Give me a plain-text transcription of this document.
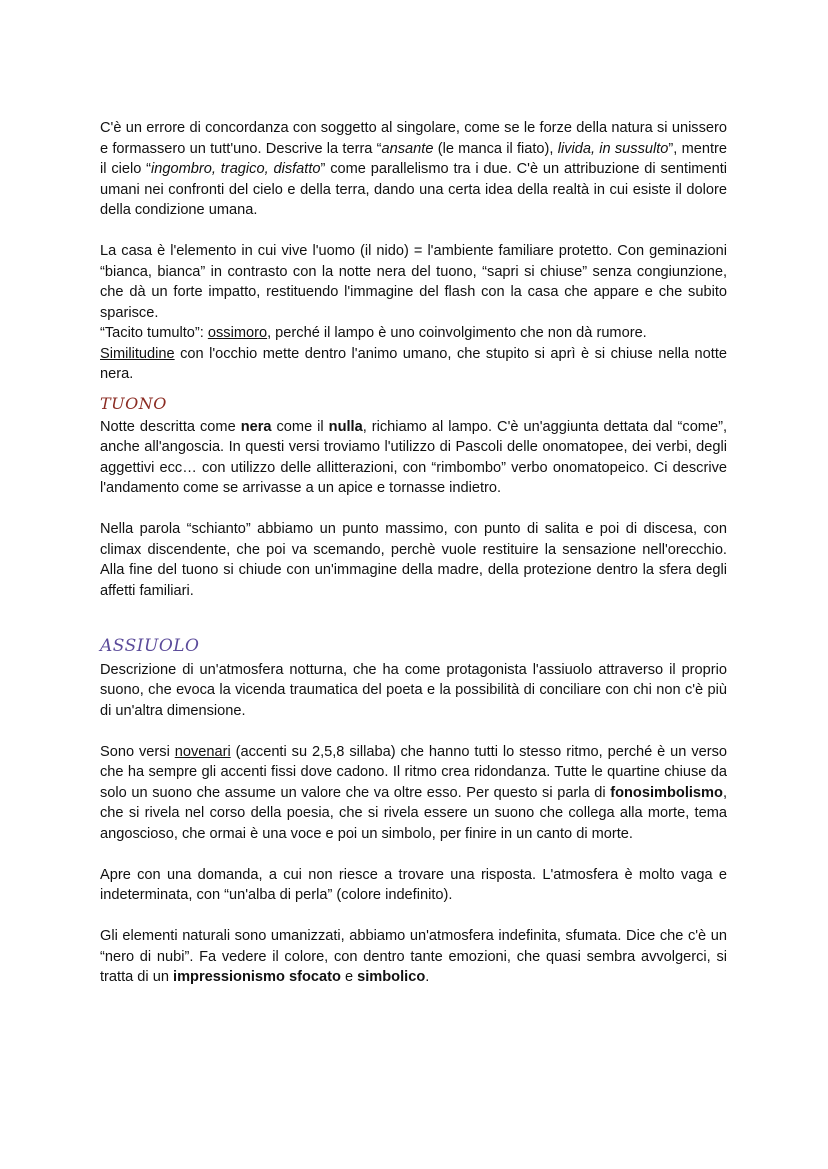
C'è un errore di concordanza con soggetto al singolare, come se le forze della natura si unissero e formassero un tutt'uno. Descrive la terra “ansante (le manca il fiato), livida, in sussulto”, mentre il cielo “ingombro, tragico, disfatto” come parallelismo tra i due. C'è un attribuzione di sentimenti umani nei confronti del cielo e della terra, dando una certa idea della realtà in cui esiste il dolore della condizione umana.

La casa è l'elemento in cui vive l'uomo (il nido) = l'ambiente familiare protetto. Con geminazioni “bianca, bianca” in contrasto con la notte nera del tuono, “sapri si chiuse” senza congiunzione, che dà un forte impatto, restituendo l'immagine del flash con la casa che appare e che subito sparisce.

“Tacito tumulto”: ossimoro, perché il lampo è uno coinvolgimento che non dà rumore.

Similitudine con l'occhio mette dentro l'animo umano, che stupito si aprì è si chiuse nella notte nera.

TUONO

Notte descritta come nera come il nulla, richiamo al lampo. C'è un'aggiunta dettata dal “come”, anche all'angoscia. In questi versi troviamo l'utilizzo di Pascoli delle onomatopee, dei verbi, degli aggettivi ecc… con utilizzo delle allitterazioni, con “rimbombo” verbo onomatopeico. Ci descrive l'andamento come se arrivasse a un apice e tornasse indietro.

Nella parola “schianto” abbiamo un punto massimo, con punto di salita e poi di discesa, con climax discendente, che poi va scemando, perchè vuole restituire la sensazione nell'orecchio. Alla fine del tuono si chiude con un'immagine della madre, della protezione dentro la sfera degli affetti familiari.

ASSIUOLO

Descrizione di un'atmosfera notturna, che ha come protagonista l'assiuolo attraverso il proprio suono, che evoca la vicenda traumatica del poeta e la possibilità di conciliare con chi non c'è più di un'altra dimensione.

Sono versi novenari (accenti su 2,5,8 sillaba) che hanno tutti lo stesso ritmo, perché è un verso che ha sempre gli accenti fissi dove cadono. Il ritmo crea ridondanza. Tutte le quartine chiuse da solo un suono che assume un valore che va oltre esso. Per questo si parla di fonosimbolismo, che si rivela nel corso della poesia, che si rivela essere un suono che collega alla morte, tema angoscioso, che ormai è una voce e poi un simbolo, per finire in un canto di morte.

Apre con una domanda, a cui non riesce a trovare una risposta. L'atmosfera è molto vaga e indeterminata, con “un'alba di perla” (colore indefinito).

Gli elementi naturali sono umanizzati, abbiamo un'atmosfera indefinita, sfumata. Dice che c'è un “nero di nubi”. Fa vedere il colore, con dentro tante emozioni, che quasi sembra avvolgerci, si tratta di un impressionismo sfocato e simbolico.
